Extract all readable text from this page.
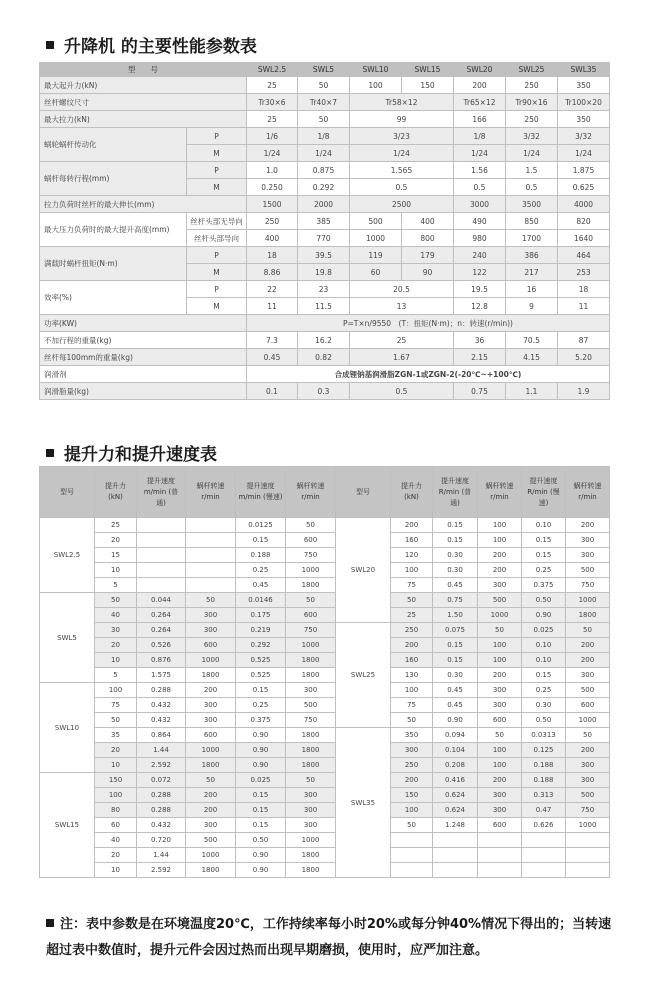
升降机 的主要性能参数表
型　　号		SWL2.5	SWL5	SWL10	SWL15	SWL20	SWL25	SWL35
最大起升力(kN)		25	50	100	150	200	250	350
丝杆螺纹尺寸		Tr30×6	Tr40×7	Tr58×12		Tr65×12	Tr90×16	Tr100×20
最大拉力(kN)		25	50	99		166	250	350
蜗轮蜗杆传动化	P	1/6	1/8	3/23		1/8	3/32	3/32
	M	1/24	1/24	1/24		1/24	1/24	1/24
蜗杆每转行程(mm)	P	1.0	0.875	1.565		1.56	1.5	1.875
	M	0.250	0.292	0.5		0.5	0.5	0.625
拉力负荷时丝杆的最大伸长(mm)		1500	2000	2500		3000	3500	4000
最大压力负荷时的最大提升高度(mm)	丝杆头部无导向	250	385	500	400	490	850	820
	丝杆头部导向	400	770	1000	800	980	1700	1640
满载时蜗杆扭矩(N·m)	P	18	39.5	119	179	240	386	464
	M	8.86	19.8	60	90	122	217	253
效率(%)	P	22	23	20.5		19.5	16	18
	M	11	11.5	13		12.8	9	11
功率(KW)		P=T×n/9550　(T：扭矩(N·m)；n：转速(r/min))						
不加行程的重量(kg)		7.3	16.2	25		36	70.5	87
丝杆每100mm的重量(kg)		0.45	0.82	1.67		2.15	4.15	5.20
润滑剂		合成锂钠基润滑脂ZGN-1或ZGN-2(-20℃~+100℃)						
润滑脂量(kg)		0.1	0.3	0.5		0.75	1.1	1.9
提升力和提升速度表
型号	提升力 (kN)	提升速度 m/min (普通)	蜗杆转速 r/min	提升速度 m/min (慢速)	蜗杆转速 r/min
SWL2.5	25			0.0125	50
	20			0.15	600
	15			0.188	750
	10			0.25	1000
	5			0.45	1800
SWL5	50	0.044	50	0.0146	50
	40	0.264	300	0.175	600
	30	0.264	300	0.219	750
	20	0.526	600	0.292	1000
	10	0.876	1000	0.525	1800
	5	1.575	1800	0.525	1800
SWL10	100	0.288	200	0.15	300
	75	0.432	300	0.25	500
	50	0.432	300	0.375	750
	35	0.864	600	0.90	1800
	20	1.44	1000	0.90	1800
	10	2.592	1800	0.90	1800
SWL15	150	0.072	50	0.025	50
	100	0.288	200	0.15	300
	80	0.288	200	0.15	300
	60	0.432	300	0.15	300
	40	0.720	500	0.50	1000
	20	1.44	1000	0.90	1800
	10	2.592	1800	0.90	1800
型号	提升力 (kN)	提升速度 R/min (普通)	蜗杆转速 r/min	提升速度 R/min (慢速)	蜗杆转速 r/min
SWL20	200	0.15	100	0.10	200
	160	0.15	100	0.15	300
	120	0.30	200	0.15	300
	100	0.30	200	0.25	500
	75	0.45	300	0.375	750
	50	0.75	500	0.50	1000
	25	1.50	1000	0.90	1800
SWL25	250	0.075	50	0.025	50
	200	0.15	100	0.10	200
	160	0.15	100	0.10	200
	130	0.30	200	0.15	300
	100	0.45	300	0.25	500
	75	0.45	300	0.30	600
	50	0.90	600	0.50	1000
SWL35	350	0.094	50	0.0313	50
	300	0.104	100	0.125	200
	250	0.208	100	0.188	300
	200	0.416	200	0.188	300
	150	0.624	300	0.313	500
	100	0.624	300	0.47	750
	50	1.248	600	0.626	1000

注：表中参数是在环境温度20℃，工作持续率每小时20%或每分钟40%情况下得出的；当转速超过表中数值时，提升元件会因过热而出现早期磨损，使用时，应严加注意。
